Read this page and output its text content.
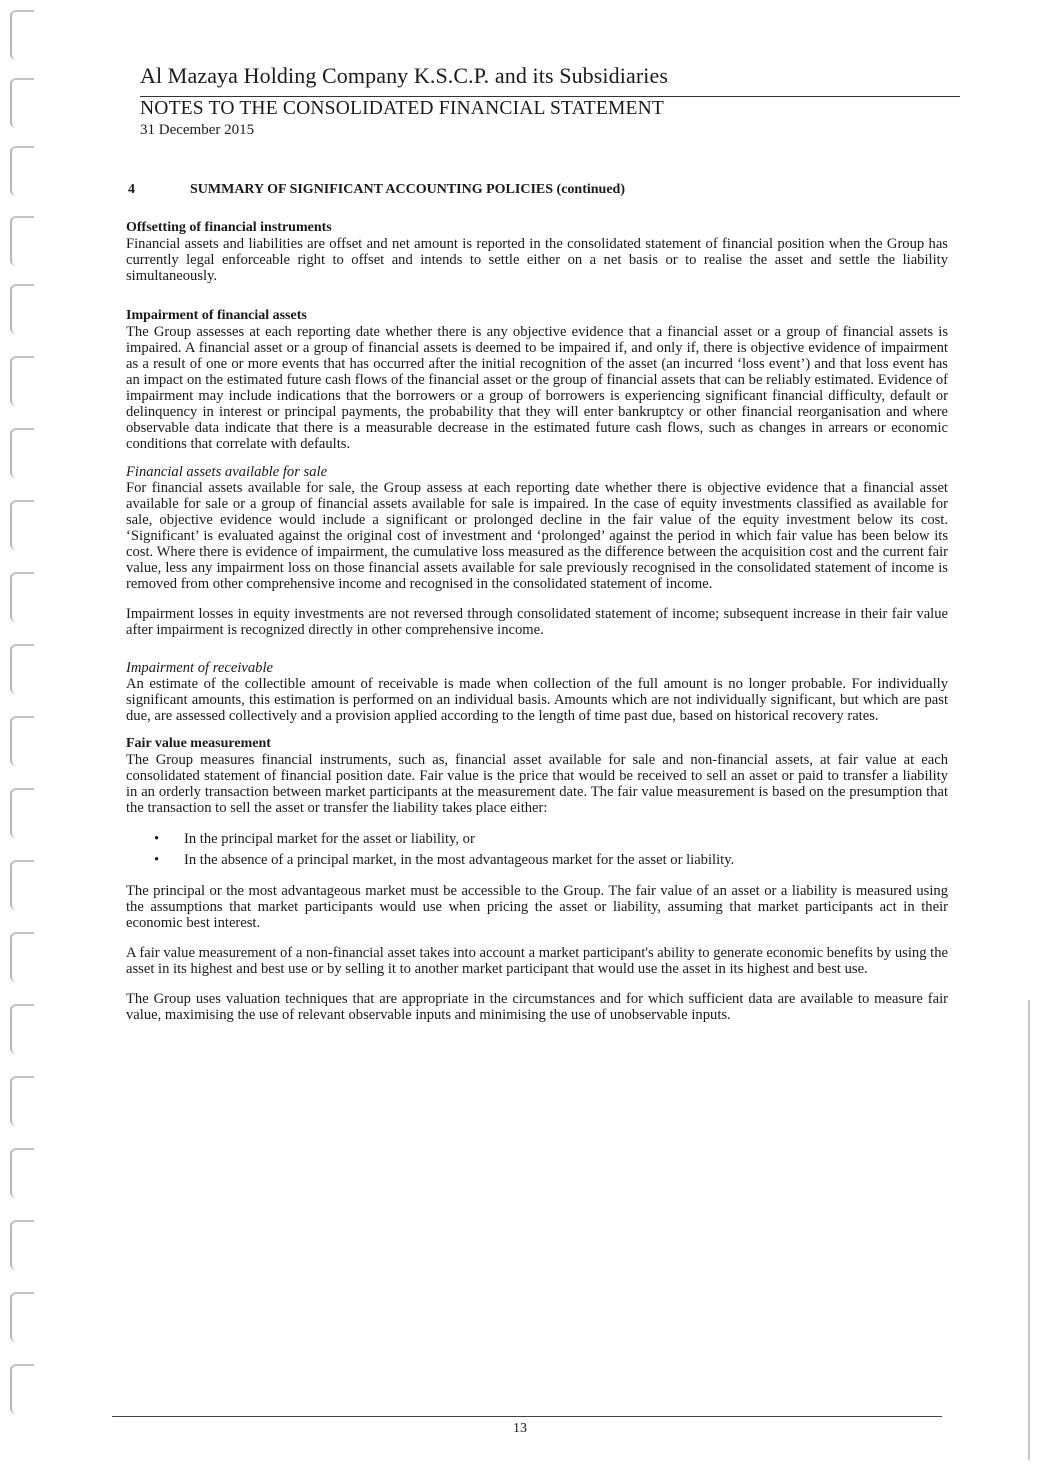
Al Mazaya Holding Company K.S.C.P. and its Subsidiaries
NOTES TO THE CONSOLIDATED FINANCIAL STATEMENT
31 December 2015
4	SUMMARY OF SIGNIFICANT ACCOUNTING POLICIES (continued)
Offsetting of financial instruments

Financial assets and liabilities are offset and net amount is reported in the consolidated statement of financial position when the Group has currently legal enforceable right to offset and intends to settle either on a net basis or to realise the asset and settle the liability simultaneously.

Impairment of financial assets

The Group assesses at each reporting date whether there is any objective evidence that a financial asset or a group of financial assets is impaired. A financial asset or a group of financial assets is deemed to be impaired if, and only if, there is objective evidence of impairment as a result of one or more events that has occurred after the initial recognition of the asset (an incurred ‘loss event’) and that loss event has an impact on the estimated future cash flows of the financial asset or the group of financial assets that can be reliably estimated. Evidence of impairment may include indications that the borrowers or a group of borrowers is experiencing significant financial difficulty, default or delinquency in interest or principal payments, the probability that they will enter bankruptcy or other financial reorganisation and where observable data indicate that there is a measurable decrease in the estimated future cash flows, such as changes in arrears or economic conditions that correlate with defaults.

Financial assets available for sale

For financial assets available for sale, the Group assess at each reporting date whether there is objective evidence that a financial asset available for sale or a group of financial assets available for sale is impaired. In the case of equity investments classified as available for sale, objective evidence would include a significant or prolonged decline in the fair value of the equity investment below its cost. ‘Significant’ is evaluated against the original cost of investment and ‘prolonged’ against the period in which fair value has been below its cost. Where there is evidence of impairment, the cumulative loss measured as the difference between the acquisition cost and the current fair value, less any impairment loss on those financial assets available for sale previously recognised in the consolidated statement of income is removed from other comprehensive income and recognised in the consolidated statement of income.

Impairment losses in equity investments are not reversed through consolidated statement of income; subsequent increase in their fair value after impairment is recognized directly in other comprehensive income.

Impairment of receivable

An estimate of the collectible amount of receivable is made when collection of the full amount is no longer probable. For individually significant amounts, this estimation is performed on an individual basis. Amounts which are not individually significant, but which are past due, are assessed collectively and a provision applied according to the length of time past due, based on historical recovery rates.

Fair value measurement

The Group measures financial instruments, such as, financial asset available for sale and non-financial assets, at fair value at each consolidated statement of financial position date. Fair value is the price that would be received to sell an asset or paid to transfer a liability in an orderly transaction between market participants at the measurement date. The fair value measurement is based on the presumption that the transaction to sell the asset or transfer the liability takes place either:

• In the principal market for the asset or liability, or
• In the absence of a principal market, in the most advantageous market for the asset or liability.

The principal or the most advantageous market must be accessible to the Group. The fair value of an asset or a liability is measured using the assumptions that market participants would use when pricing the asset or liability, assuming that market participants act in their economic best interest.

A fair value measurement of a non-financial asset takes into account a market participant's ability to generate economic benefits by using the asset in its highest and best use or by selling it to another market participant that would use the asset in its highest and best use.

The Group uses valuation techniques that are appropriate in the circumstances and for which sufficient data are available to measure fair value, maximising the use of relevant observable inputs and minimising the use of unobservable inputs.

13
